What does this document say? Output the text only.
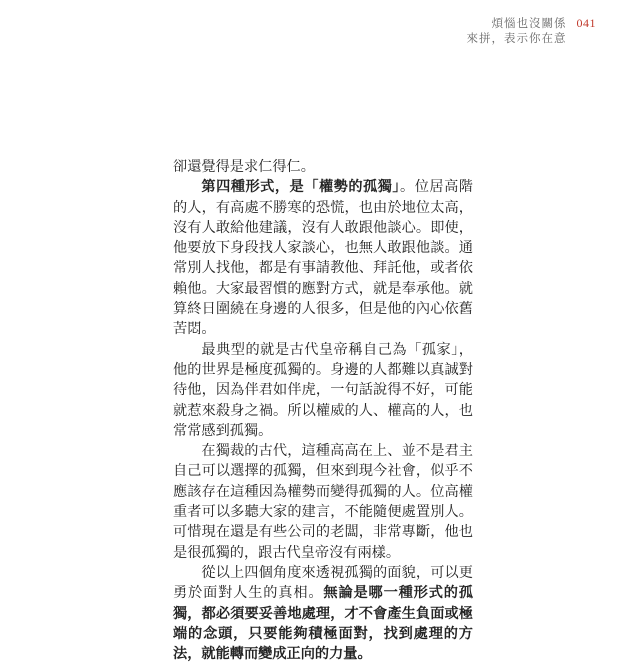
煩惱也沒關係
來拼，表示你在意
041

卻還覺得是求仁得仁。

第四種形式，是「權勢的孤獨」。位居高階的人，有高處不勝寒的恐慌，也由於地位太高，沒有人敢給他建議，沒有人敢跟他談心。即使，他要放下身段找人家談心，也無人敢跟他談。通常別人找他，都是有事請教他、拜託他，或者依賴他。大家最習慣的應對方式，就是奉承他。就算終日圍繞在身邊的人很多，但是他的內心依舊苦悶。

最典型的就是古代皇帝稱自己為「孤家」，他的世界是極度孤獨的。身邊的人都難以真誠對待他，因為伴君如伴虎，一句話說得不好，可能就惹來殺身之禍。所以權威的人、權高的人，也常常感到孤獨。

在獨裁的古代，這種高高在上、並不是君主自己可以選擇的孤獨，但來到現今社會，似乎不應該存在這種因為權勢而變得孤獨的人。位高權重者可以多聽大家的建言，不能隨便處置別人。可惜現在還是有些公司的老闆，非常專斷，他也是很孤獨的，跟古代皇帝沒有兩樣。

從以上四個角度來透視孤獨的面貌，可以更勇於面對人生的真相。無論是哪一種形式的孤獨，都必須要妥善地處理，才不會產生負面或極端的念頭，只要能夠積極面對，找到處理的方法，就能轉而變成正向的力量。
